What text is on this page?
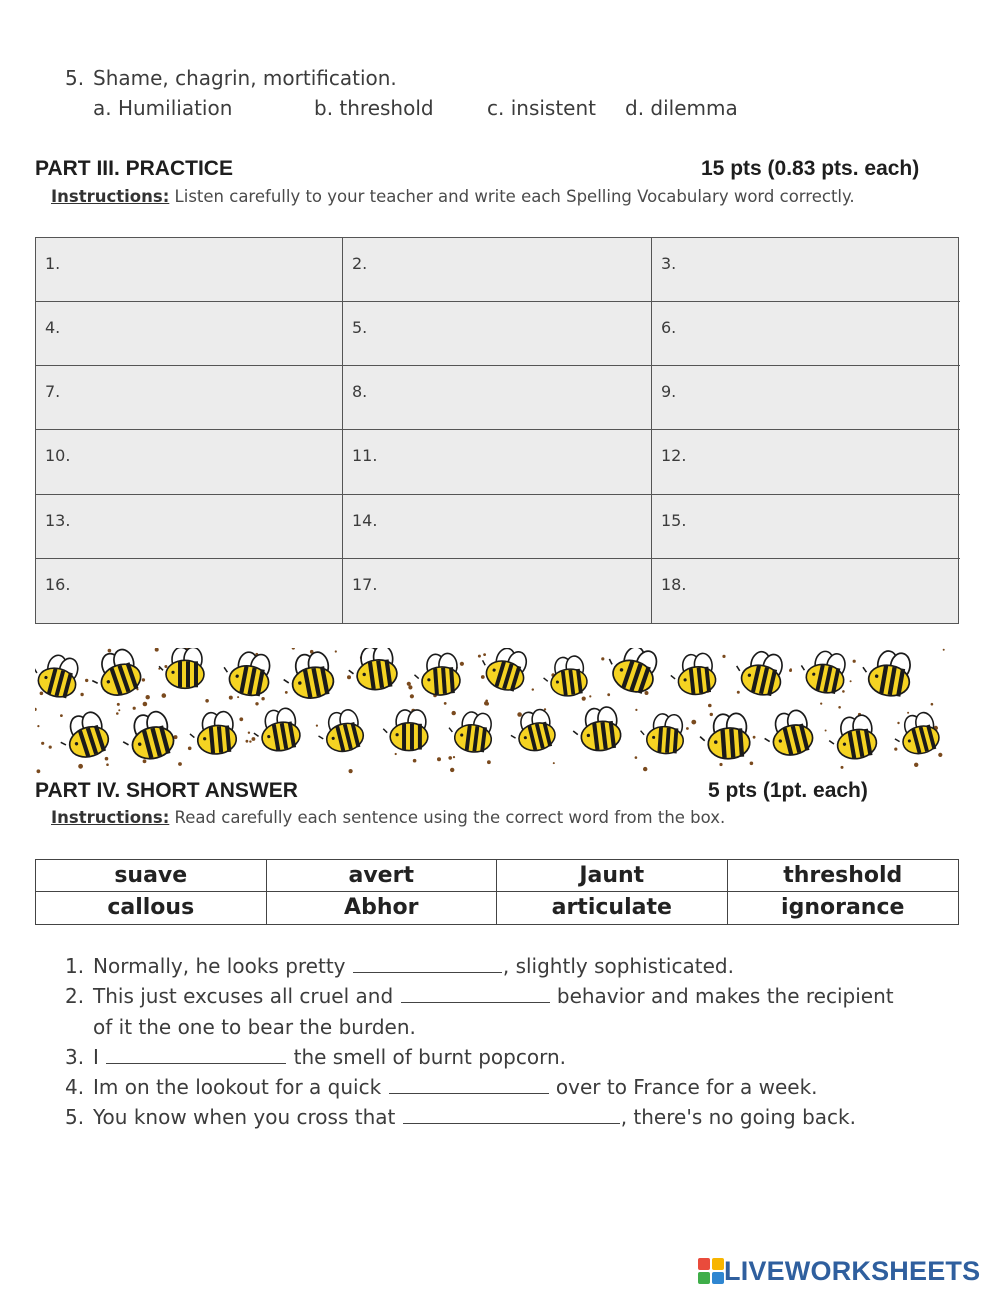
5. Shame, chagrin, mortification.
a. Humiliation	b. threshold	c. insistent d. dilemma
PART III. PRACTICE	15 pts (0.83 pts. each)
Instructions: Listen carefully to your teacher and write each Spelling Vocabulary word correctly.
1.	2.	3.
4.	5.	6.
7.	8.	9.
10.	11.	12.
13.	14.	15.
16.	17.	18.
PART IV. SHORT ANSWER	5 pts (1pt. each)
Instructions: Read carefully each sentence using the correct word from the box.
suave	avert	Jaunt	threshold
callous	Abhor	articulate	ignorance
1. Normally, he looks pretty	, slightly sophisticated.
2. This just excuses all cruel and	behavior and makes the recipient
of it the one to bear the burden.
3. I	the smell of burnt popcorn.
4. Im on the lookout for a quick	over to France for a week.
5. You know when you cross that	, there's no going back.
LIVEWORKSHEETS
